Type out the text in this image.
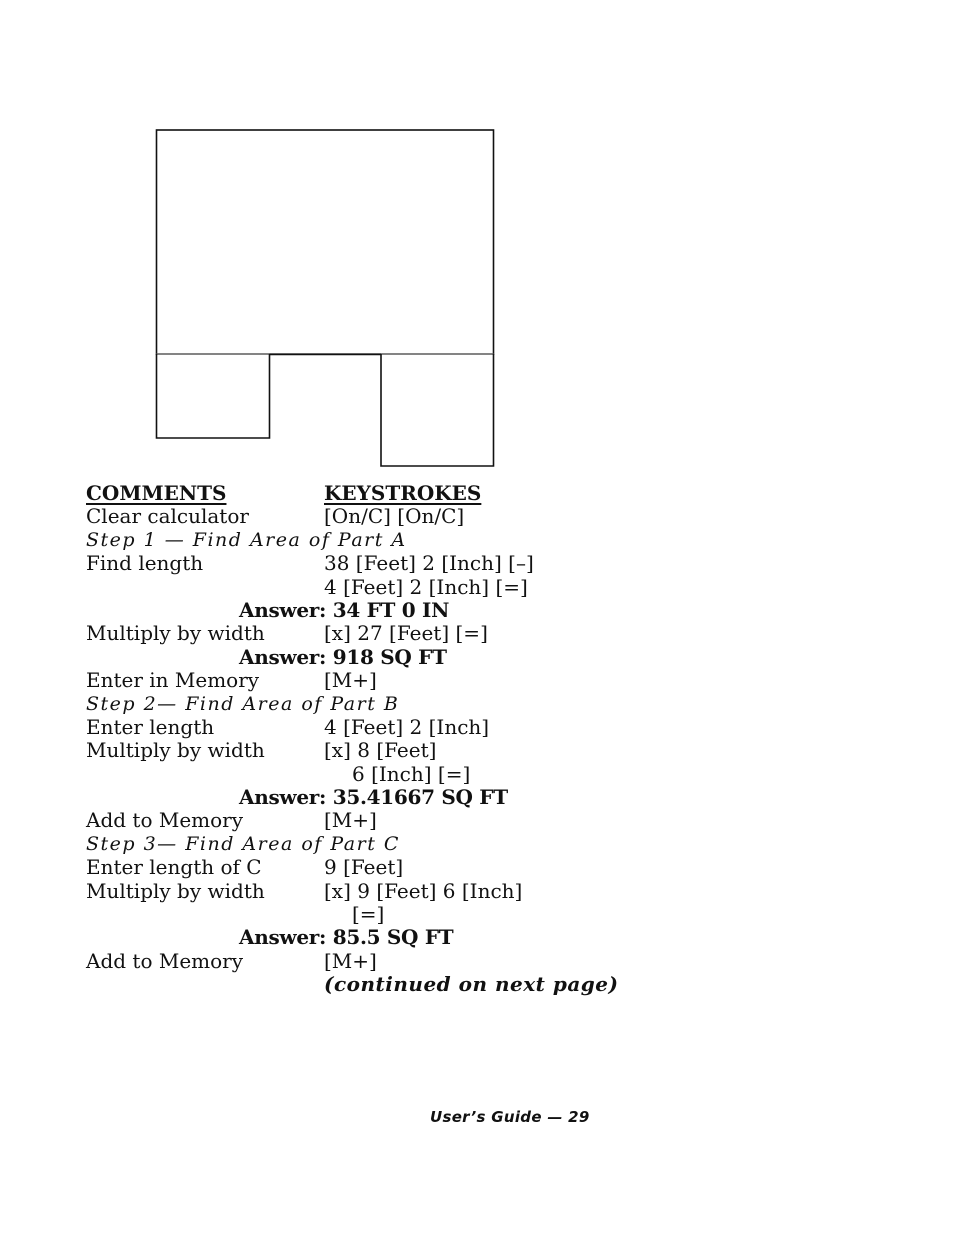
COMMENTS	KEYSTROKES
Clear calculator	[On/C] [On/C]
Step 1 — Find Area of Part A
Find length	38 [Feet] 2 [Inch] [–]
4 [Feet] 2 [Inch] [=]
Answer: 34 FT 0 IN
Multiply by width	[x] 27 [Feet] [=]
Answer: 918 SQ FT
Enter in Memory	[M+]
Step 2— Find Area of Part B
Enter length	4 [Feet] 2 [Inch]
Multiply by width	[x] 8 [Feet]
6 [Inch] [=]
Answer: 35.41667 SQ FT
Add to Memory	[M+]
Step 3— Find Area of Part C
Enter length of C	9 [Feet]
Multiply by width	[x] 9 [Feet] 6 [Inch]
[=]
Answer: 85.5 SQ FT
Add to Memory	[M+]
(continued on next page)
User’s Guide — 29
